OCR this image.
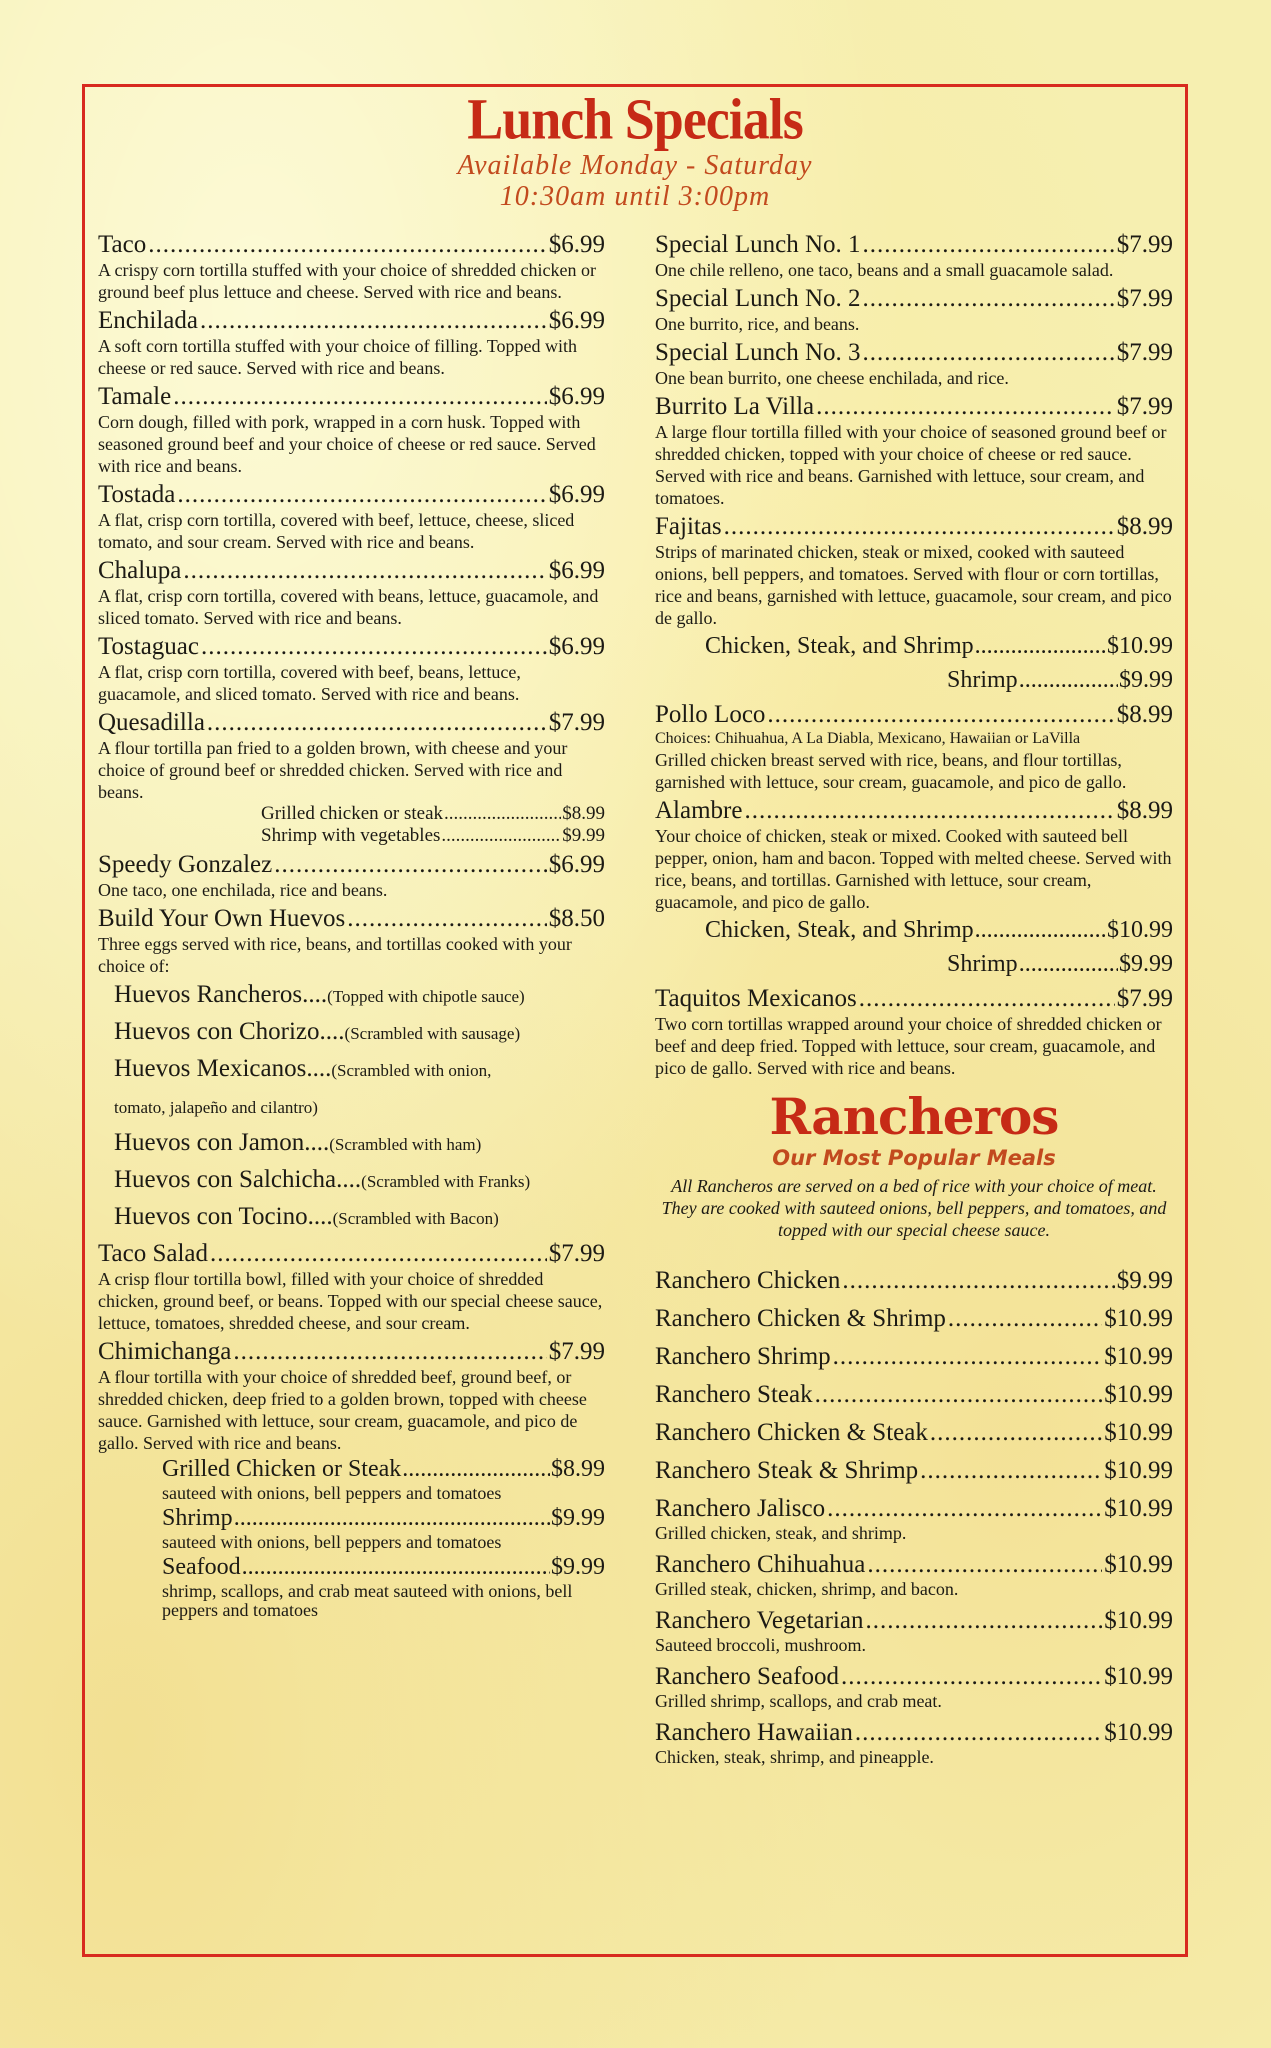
Lunch Specials
Available Monday - Saturday
10:30am until 3:00pm
Taco .....	$6.99
A crispy corn tortilla stuffed with your choice of shredded chicken or ground beef plus lettuce and cheese. Served with rice and beans.
Enchilada .....	$6.99
A soft corn tortilla stuffed with your choice of filling. Topped with cheese or red sauce. Served with rice and beans.
Tamale .....	$6.99
Corn dough, filled with pork, wrapped in a corn husk. Topped with seasoned ground beef and your choice of cheese or red sauce. Served with rice and beans.
Tostada .....	$6.99
A flat, crisp corn tortilla, covered with beef, lettuce, cheese, sliced tomato, and sour cream. Served with rice and beans.
Chalupa .....	$6.99
A flat, crisp corn tortilla, covered with beans, lettuce, guacamole, and sliced tomato. Served with rice and beans.
Tostaguac .....	$6.99
A flat, crisp corn tortilla, covered with beef, beans, lettuce, guacamole, and sliced tomato. Served with rice and beans.
Quesadilla .....	$7.99
A flour tortilla pan fried to a golden brown, with cheese and your choice of ground beef or shredded chicken. Served with rice and beans.
Grilled chicken or steak .....	$8.99
Shrimp with vegetables .....	$9.99
Speedy Gonzalez .....	$6.99
One taco, one enchilada, rice and beans.
Build Your Own Huevos .....	$8.50
Three eggs served with rice, beans, and tortillas cooked with your choice of:
Huevos Rancheros....(Topped with chipotle sauce)
Huevos con Chorizo....(Scrambled with sausage)
Huevos Mexicanos....(Scrambled with onion,
tomato, jalapeño and cilantro)
Huevos con Jamon....(Scrambled with ham)
Huevos con Salchicha....(Scrambled with Franks)
Huevos con Tocino....(Scrambled with Bacon)
Taco Salad .....	$7.99
A crisp flour tortilla bowl, filled with your choice of shredded chicken, ground beef, or beans. Topped with our special cheese sauce, lettuce, tomatoes, shredded cheese, and sour cream.
Chimichanga .....	$7.99
A flour tortilla with your choice of shredded beef, ground beef, or shredded chicken, deep fried to a golden brown, topped with cheese sauce. Garnished with lettuce, sour cream, guacamole, and pico de gallo. Served with rice and beans.
Grilled Chicken or Steak .....	$8.99
sauteed with onions, bell peppers and tomatoes
Shrimp .....	$9.99
sauteed with onions, bell peppers and tomatoes
Seafood .....	$9.99
shrimp, scallops, and crab meat sauteed with onions, bell peppers and tomatoes
Special Lunch No. 1 .....	$7.99
One chile relleno, one taco, beans and a small guacamole salad.
Special Lunch No. 2 .....	$7.99
One burrito, rice, and beans.
Special Lunch No. 3 .....	$7.99
One bean burrito, one cheese enchilada, and rice.
Burrito La Villa .....	$7.99
A large flour tortilla filled with your choice of seasoned ground beef or shredded chicken, topped with your choice of cheese or red sauce. Served with rice and beans. Garnished with lettuce, sour cream, and tomatoes.
Fajitas .....	$8.99
Strips of marinated chicken, steak or mixed, cooked with sauteed onions, bell peppers, and tomatoes. Served with flour or corn tortillas, rice and beans, garnished with lettuce, guacamole, sour cream, and pico de gallo.
Chicken, Steak, and Shrimp .....	$10.99
Shrimp .....	$9.99
Pollo Loco .....	$8.99
Choices: Chihuahua, A La Diabla, Mexicano, Hawaiian or LaVilla
Grilled chicken breast served with rice, beans, and flour tortillas, garnished with lettuce, sour cream, guacamole, and pico de gallo.
Alambre .....	$8.99
Your choice of chicken, steak or mixed. Cooked with sauteed bell pepper, onion, ham and bacon. Topped with melted cheese. Served with rice, beans, and tortillas. Garnished with lettuce, sour cream, guacamole, and pico de gallo.
Chicken, Steak, and Shrimp .....	$10.99
Shrimp .....	$9.99
Taquitos Mexicanos .....	$7.99
Two corn tortillas wrapped around your choice of shredded chicken or beef and deep fried. Topped with lettuce, sour cream, guacamole, and pico de gallo. Served with rice and beans.
Rancheros
Our Most Popular Meals
All Rancheros are served on a bed of rice with your choice of meat. They are cooked with sauteed onions, bell peppers, and tomatoes, and topped with our special cheese sauce.
Ranchero Chicken .....	$9.99
Ranchero Chicken & Shrimp .....	$10.99
Ranchero Shrimp .....	$10.99
Ranchero Steak .....	$10.99
Ranchero Chicken & Steak .....	$10.99
Ranchero Steak & Shrimp .....	$10.99
Ranchero Jalisco .....	$10.99
Grilled chicken, steak, and shrimp.
Ranchero Chihuahua .....	$10.99
Grilled steak, chicken, shrimp, and bacon.
Ranchero Vegetarian .....	$10.99
Sauteed broccoli, mushroom.
Ranchero Seafood .....	$10.99
Grilled shrimp, scallops, and crab meat.
Ranchero Hawaiian .....	$10.99
Chicken, steak, shrimp, and pineapple.
